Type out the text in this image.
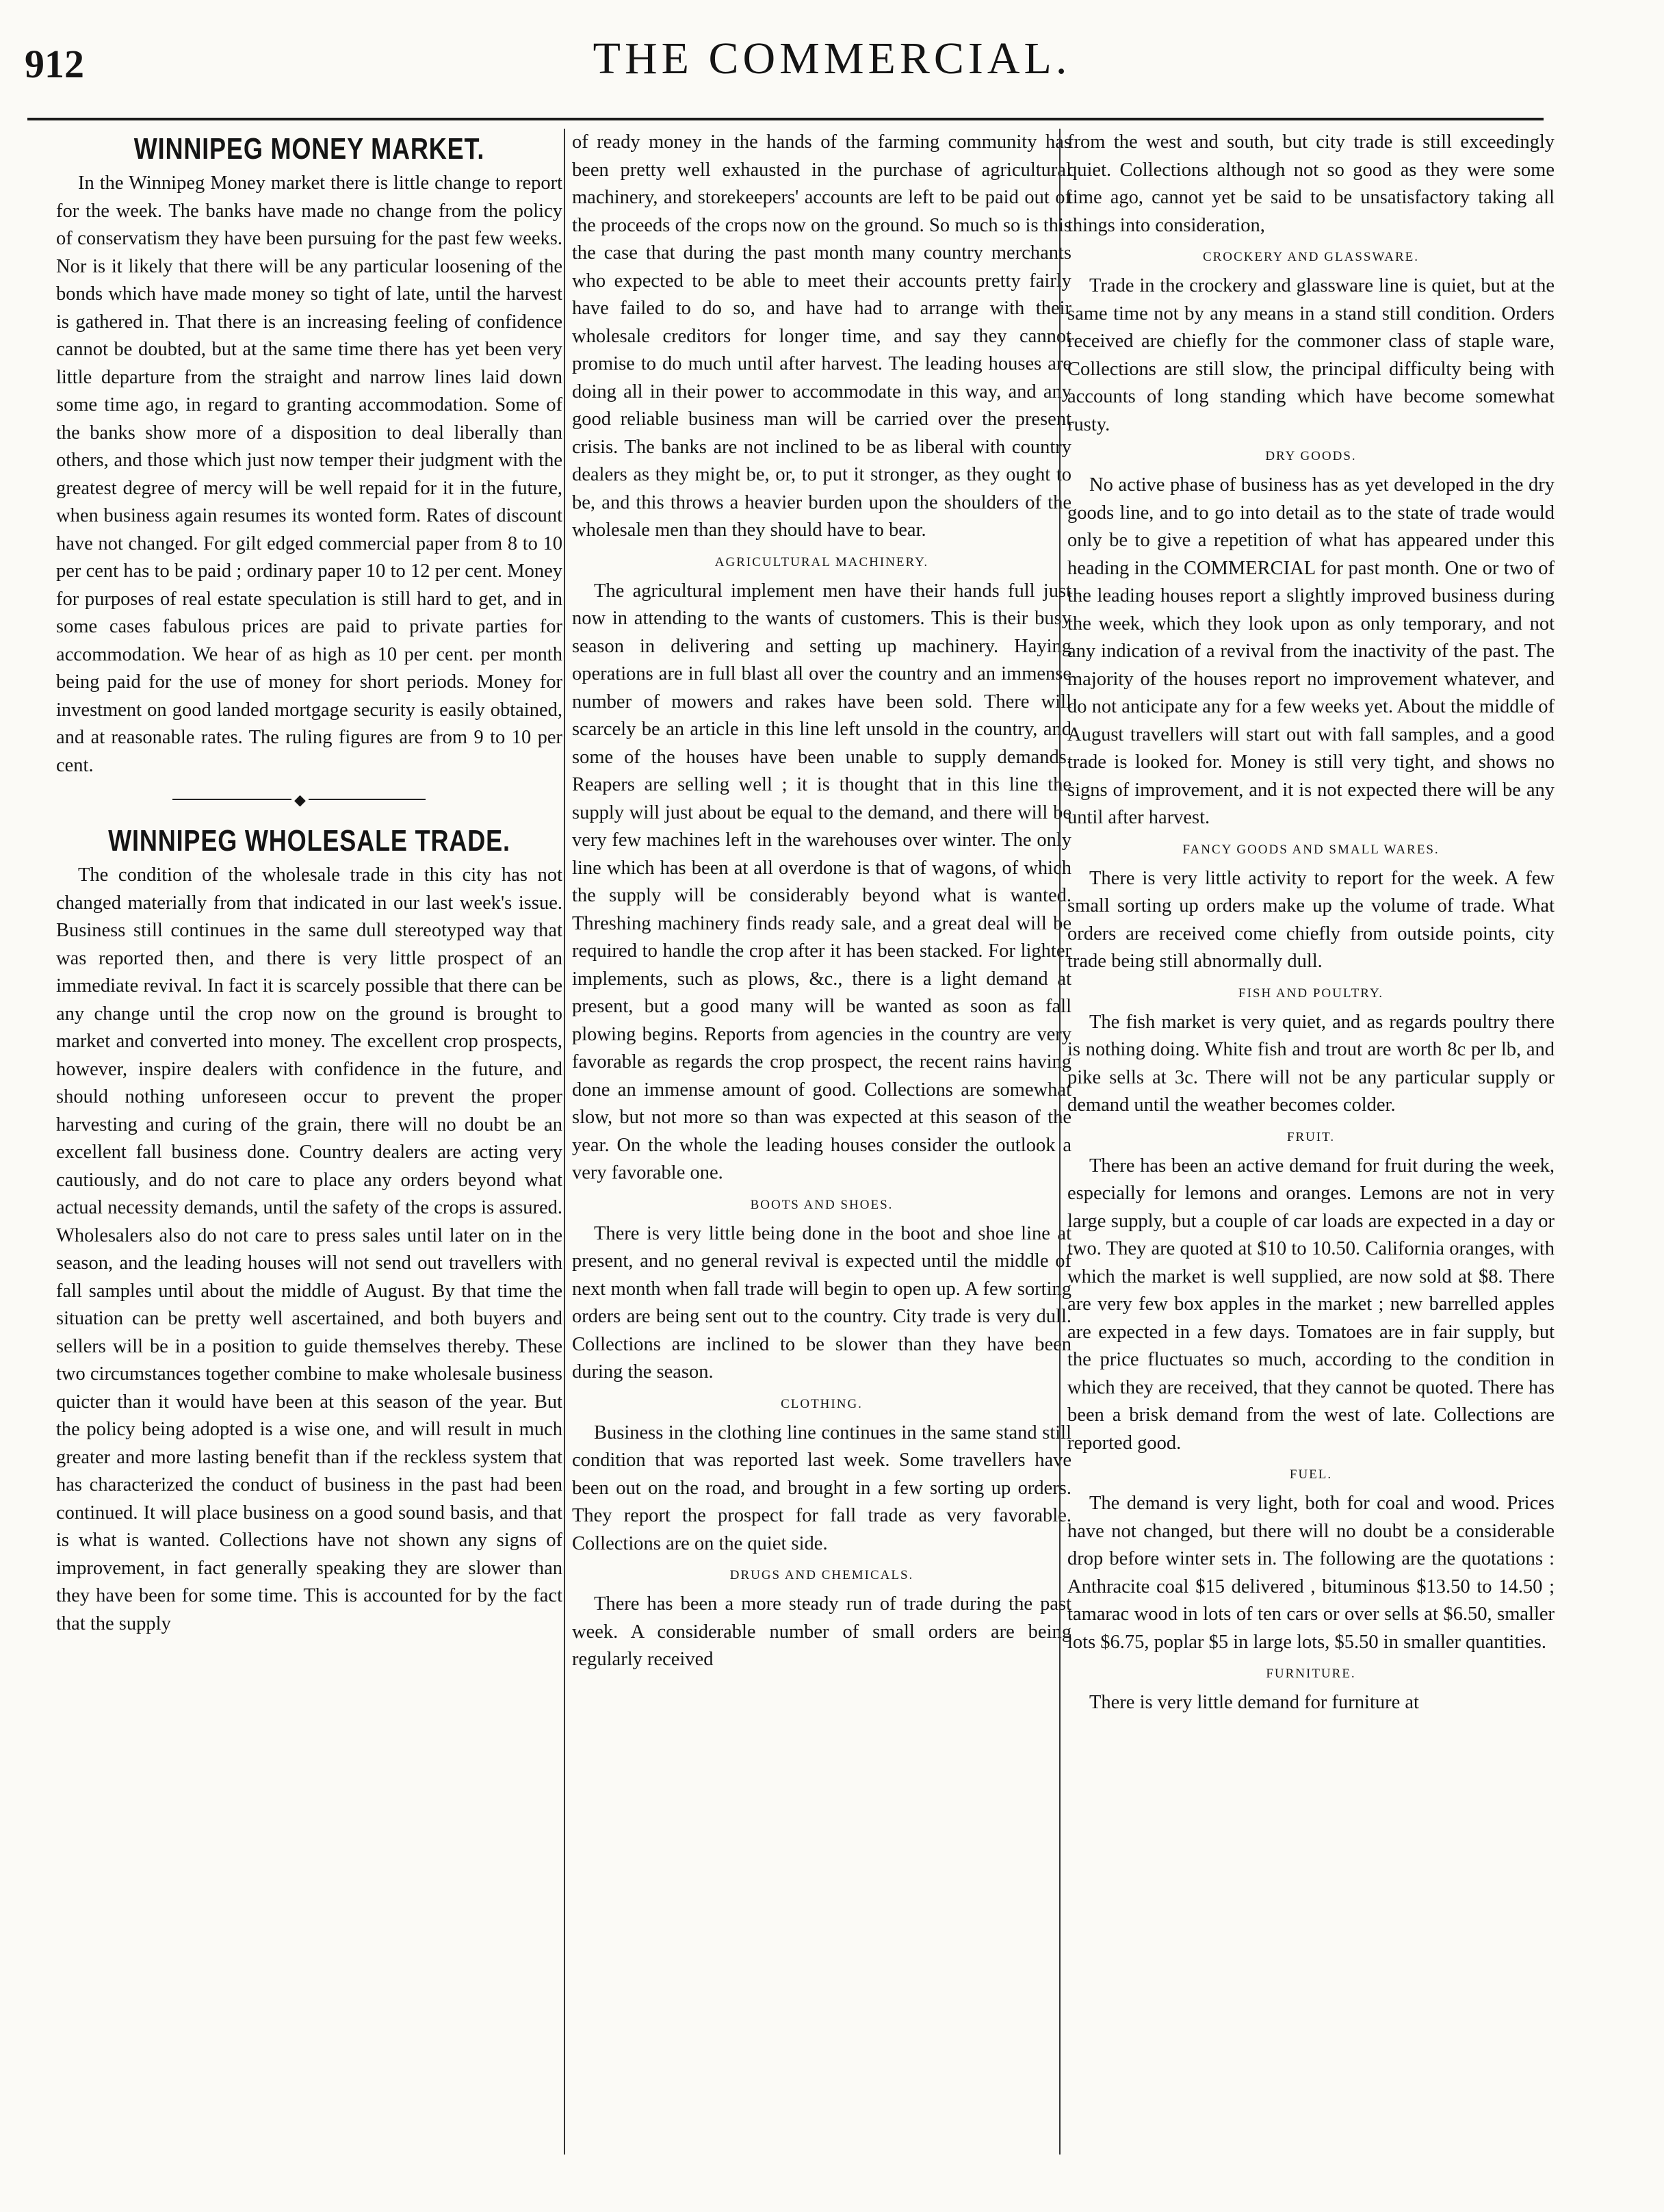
912	THE COMMERCIAL.
WINNIPEG MONEY MARKET.

In the Winnipeg Money market there is little change to report for the week. The banks have made no change from the policy of conservatism they have been pursuing for the past few weeks. Nor is it likely that there will be any particular loosening of the bonds which have made money so tight of late, until the harvest is gathered in. That there is an increasing feeling of confidence cannot be doubted, but at the same time there has yet been very little departure from the straight and narrow lines laid down some time ago, in regard to granting accommodation. Some of the banks show more of a disposition to deal liberally than others, and those which just now temper their judgment with the greatest degree of mercy will be well repaid for it in the future, when business again resumes its wonted form. Rates of discount have not changed. For gilt edged commercial paper from 8 to 10 per cent has to be paid ; ordinary paper 10 to 12 per cent. Money for purposes of real estate speculation is still hard to get, and in some cases fabulous prices are paid to private parties for accommodation. We hear of as high as 10 per cent. per month being paid for the use of money for short periods. Money for investment on good landed mortgage security is easily obtained, and at reasonable rates. The ruling figures are from 9 to 10 per cent.

◆
WINNIPEG WHOLESALE TRADE.

The condition of the wholesale trade in this city has not changed materially from that indicated in our last week's issue. Business still continues in the same dull stereotyped way that was reported then, and there is very little prospect of an immediate revival. In fact it is scarcely possible that there can be any change until the crop now on the ground is brought to market and converted into money. The excellent crop prospects, however, inspire dealers with confidence in the future, and should nothing unforeseen occur to prevent the proper harvesting and curing of the grain, there will no doubt be an excellent fall business done. Country dealers are acting very cautiously, and do not care to place any orders beyond what actual necessity demands, until the safety of the crops is assured. Wholesalers also do not care to press sales until later on in the season, and the leading houses will not send out travellers with fall samples until about the middle of August. By that time the situation can be pretty well ascertained, and both buyers and sellers will be in a position to guide themselves thereby. These two circumstances together combine to make wholesale business quicter than it would have been at this season of the year. But the policy being adopted is a wise one, and will result in much greater and more lasting benefit than if the reckless system that has characterized the conduct of business in the past had been continued. It will place business on a good sound basis, and that is what is wanted. Collections have not shown any signs of improvement, in fact generally speaking they are slower than they have been for some time. This is accounted for by the fact that the supply

of ready money in the hands of the farming community has been pretty well exhausted in the purchase of agricultural machinery, and storekeepers' accounts are left to be paid out of the proceeds of the crops now on the ground. So much so is this the case that during the past month many country merchants who expected to be able to meet their accounts pretty fairly have failed to do so, and have had to arrange with their wholesale creditors for longer time, and say they cannot promise to do much until after harvest. The leading houses are doing all in their power to accommodate in this way, and any good reliable business man will be carried over the present crisis. The banks are not inclined to be as liberal with country dealers as they might be, or, to put it stronger, as they ought to be, and this throws a heavier burden upon the shoulders of the wholesale men than they should have to bear.

AGRICULTURAL MACHINERY.

The agricultural implement men have their hands full just now in attending to the wants of customers. This is their busy season in delivering and setting up machinery. Haying operations are in full blast all over the country and an immense number of mowers and rakes have been sold. There will scarcely be an article in this line left unsold in the country, and some of the houses have been unable to supply demands. Reapers are selling well ; it is thought that in this line the supply will just about be equal to the demand, and there will be very few machines left in the warehouses over winter. The only line which has been at all overdone is that of wagons, of which the supply will be considerably beyond what is wanted. Threshing machinery finds ready sale, and a great deal will be required to handle the crop after it has been stacked. For lighter implements, such as plows, &c., there is a light demand at present, but a good many will be wanted as soon as fall plowing begins. Reports from agencies in the country are very favorable as regards the crop prospect, the recent rains having done an immense amount of good. Collections are somewhat slow, but not more so than was expected at this season of the year. On the whole the leading houses consider the outlook a very favorable one.

BOOTS AND SHOES.

There is very little being done in the boot and shoe line at present, and no general revival is expected until the middle of next month when fall trade will begin to open up. A few sorting orders are being sent out to the country. City trade is very dull. Collections are inclined to be slower than they have been during the season.

CLOTHING.

Business in the clothing line continues in the same stand still condition that was reported last week. Some travellers have been out on the road, and brought in a few sorting up orders. They report the prospect for fall trade as very favorable. Collections are on the quiet side.

DRUGS AND CHEMICALS.

There has been a more steady run of trade during the past week. A considerable number of small orders are being regularly received

from the west and south, but city trade is still exceedingly quiet. Collections although not so good as they were some time ago, cannot yet be said to be unsatisfactory taking all things into consideration,

CROCKERY AND GLASSWARE.

Trade in the crockery and glassware line is quiet, but at the same time not by any means in a stand still condition. Orders received are chiefly for the commoner class of staple ware, Collections are still slow, the principal difficulty being with accounts of long standing which have become somewhat rusty.

DRY GOODS.

No active phase of business has as yet developed in the dry goods line, and to go into detail as to the state of trade would only be to give a repetition of what has appeared under this heading in the COMMERCIAL for past month. One or two of the leading houses report a slightly improved business during the week, which they look upon as only temporary, and not any indication of a revival from the inactivity of the past. The majority of the houses report no improvement whatever, and do not anticipate any for a few weeks yet. About the middle of August travellers will start out with fall samples, and a good trade is looked for. Money is still very tight, and shows no signs of improvement, and it is not expected there will be any until after harvest.

FANCY GOODS AND SMALL WARES.

There is very little activity to report for the week. A few small sorting up orders make up the volume of trade. What orders are received come chiefly from outside points, city trade being still abnormally dull.

FISH AND POULTRY.

The fish market is very quiet, and as regards poultry there is nothing doing. White fish and trout are worth 8c per lb, and pike sells at 3c. There will not be any particular supply or demand until the weather becomes colder.

FRUIT.

There has been an active demand for fruit during the week, especially for lemons and oranges. Lemons are not in very large supply, but a couple of car loads are expected in a day or two. They are quoted at $10 to 10.50. California oranges, with which the market is well supplied, are now sold at $8. There are very few box apples in the market ; new barrelled apples are expected in a few days. Tomatoes are in fair supply, but the price fluctuates so much, according to the condition in which they are received, that they cannot be quoted. There has been a brisk demand from the west of late. Collections are reported good.

FUEL.

The demand is very light, both for coal and wood. Prices have not changed, but there will no doubt be a considerable drop before winter sets in. The following are the quotations : Anthracite coal $15 delivered , bituminous $13.50 to 14.50 ; tamarac wood in lots of ten cars or over sells at $6.50, smaller lots $6.75, poplar $5 in large lots, $5.50 in smaller quantities.

FURNITURE.

There is very little demand for furniture at
